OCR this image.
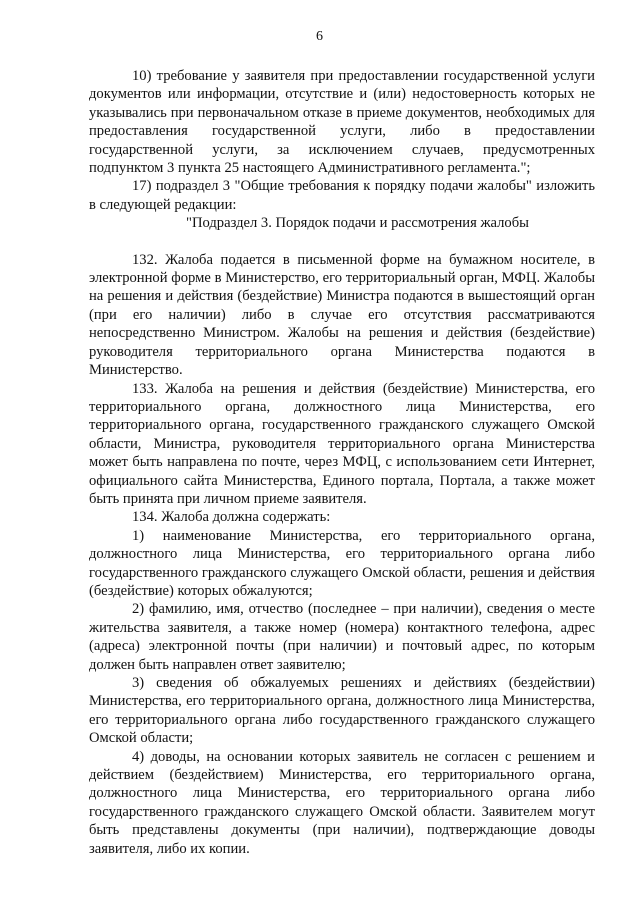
6

10) требование у заявителя при предоставлении государственной услуги документов или информации, отсутствие и (или) недостоверность которых не указывались при первоначальном отказе в приеме документов, необходимых для предоставления государственной услуги, либо в предоставлении государственной услуги, за исключением случаев, предусмотренных подпунктом 3 пункта 25 настоящего Административного регламента.";

17) подраздел 3 "Общие требования к порядку подачи жалобы" изложить в следующей редакции:

"Подраздел 3. Порядок подачи и рассмотрения жалобы

132. Жалоба подается в письменной форме на бумажном носителе, в электронной форме в Министерство, его территориальный орган, МФЦ. Жалобы на решения и действия (бездействие) Министра подаются в вышестоящий орган (при его наличии) либо в случае его отсутствия рассматриваются непосредственно Министром. Жалобы на решения и действия (бездействие) руководителя территориального органа Министерства подаются в Министерство.

133. Жалоба на решения и действия (бездействие) Министерства, его территориального органа, должностного лица Министерства, его территориального органа, государственного гражданского служащего Омской области, Министра, руководителя территориального органа Министерства может быть направлена по почте, через МФЦ, с использованием сети Интернет, официального сайта Министерства, Единого портала, Портала, а также может быть принята при личном приеме заявителя.

134. Жалоба должна содержать:

1) наименование Министерства, его территориального органа, должностного лица Министерства, его территориального органа либо государственного гражданского служащего Омской области, решения и действия (бездействие) которых обжалуются;

2) фамилию, имя, отчество (последнее – при наличии), сведения о месте жительства заявителя, а также номер (номера) контактного телефона, адрес (адреса) электронной почты (при наличии) и почтовый адрес, по которым должен быть направлен ответ заявителю;

3) сведения об обжалуемых решениях и действиях (бездействии) Министерства, его территориального органа, должностного лица Министерства, его территориального органа либо государственного гражданского служащего Омской области;

4) доводы, на основании которых заявитель не согласен с решением и действием (бездействием) Министерства, его территориального органа, должностного лица Министерства, его территориального органа либо государственного гражданского служащего Омской области. Заявителем могут быть представлены документы (при наличии), подтверждающие доводы заявителя, либо их копии.
